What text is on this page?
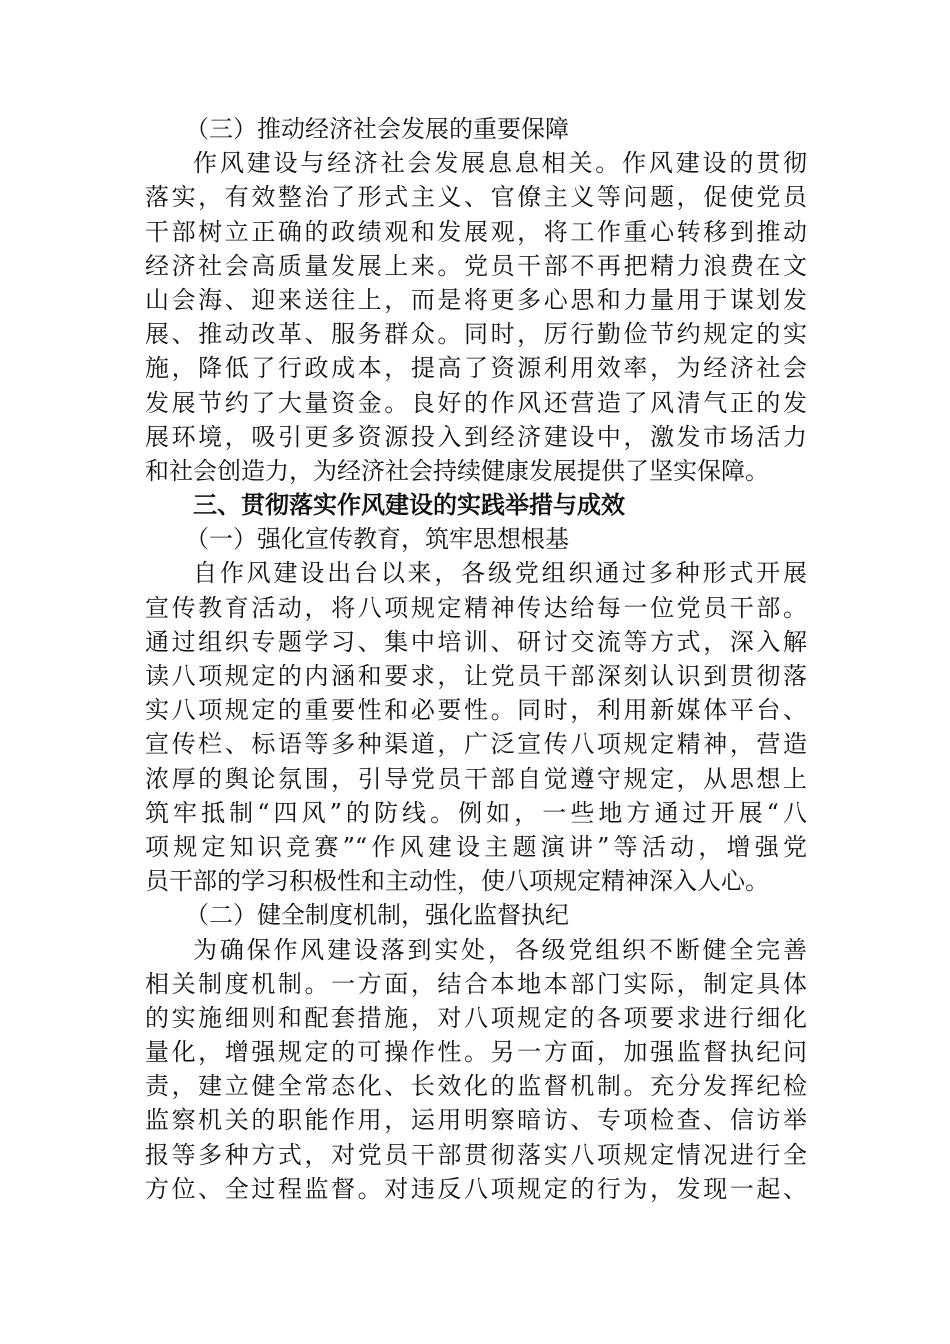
（三）推动经济社会发展的重要保障
作风建设与经济社会发展息息相关。作风建设的贯彻
落实，有效整治了形式主义、官僚主义等问题，促使党员
干部树立正确的政绩观和发展观，将工作重心转移到推动
经济社会高质量发展上来。党员干部不再把精力浪费在文
山会海、迎来送往上，而是将更多心思和力量用于谋划发
展、推动改革、服务群众。同时，厉行勤俭节约规定的实
施，降低了行政成本，提高了资源利用效率，为经济社会
发展节约了大量资金。良好的作风还营造了风清气正的发
展环境，吸引更多资源投入到经济建设中，激发市场活力
和社会创造力，为经济社会持续健康发展提供了坚实保障。
三、贯彻落实作风建设的实践举措与成效
（一）强化宣传教育，筑牢思想根基
自作风建设出台以来，各级党组织通过多种形式开展
宣传教育活动，将八项规定精神传达给每一位党员干部。
通过组织专题学习、集中培训、研讨交流等方式，深入解
读八项规定的内涵和要求，让党员干部深刻认识到贯彻落
实八项规定的重要性和必要性。同时，利用新媒体平台、
宣传栏、标语等多种渠道，广泛宣传八项规定精神，营造
浓厚的舆论氛围，引导党员干部自觉遵守规定，从思想上
筑牢抵制“四风”的防线。例如，一些地方通过开展“八
项规定知识竞赛”“作风建设主题演讲”等活动，增强党
员干部的学习积极性和主动性，使八项规定精神深入人心。
（二）健全制度机制，强化监督执纪
为确保作风建设落到实处，各级党组织不断健全完善
相关制度机制。一方面，结合本地本部门实际，制定具体
的实施细则和配套措施，对八项规定的各项要求进行细化
量化，增强规定的可操作性。另一方面，加强监督执纪问
责，建立健全常态化、长效化的监督机制。充分发挥纪检
监察机关的职能作用，运用明察暗访、专项检查、信访举
报等多种方式，对党员干部贯彻落实八项规定情况进行全
方位、全过程监督。对违反八项规定的行为，发现一起、
